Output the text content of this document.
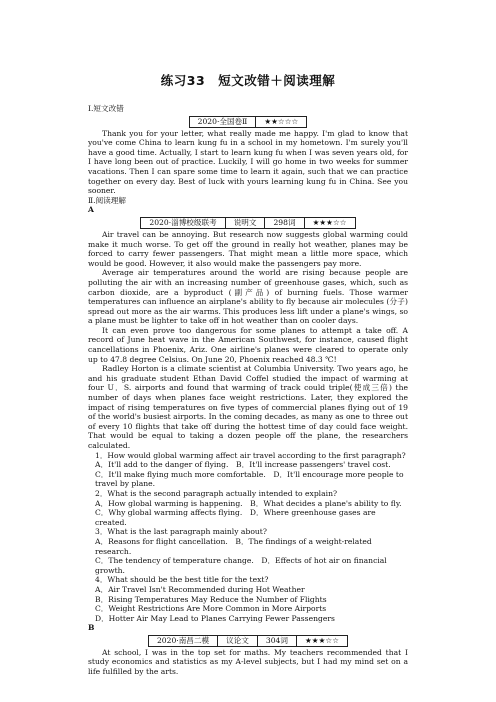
练习33　短文改错＋阅读理解
Ⅰ.短文改错
2020·全国卷Ⅱ	★★☆☆☆

Thank you for your letter, what really made me happy. I'm glad to know that you've come China to learn kung fu in a school in my hometown. I'm surely you'll have a good time. Actually, I start to learn kung fu when I was seven years old, for I have long been out of practice. Luckily, I will go home in two weeks for summer vacations. Then I can spare some time to learn it again, such that we can practice together on every day. Best of luck with yours learning kung fu in China. See you sooner.

Ⅱ.阅读理解
A
2020·淄博校级联考	说明文	298词	★★★☆☆

Air travel can be annoying. But research now suggests global warming could make it much worse. To get off the ground in really hot weather, planes may be forced to carry fewer passengers. That might mean a little more space, which would be good. However, it also would make the passengers pay more.

Average air temperatures around the world are rising because people are polluting the air with an increasing number of greenhouse gases, which, such as carbon dioxide, are a byproduct (副产品) of burning fuels. Those warmer temperatures can influence an airplane's ability to fly because air molecules (分子) spread out more as the air warms. This produces less lift under a plane's wings, so a plane must be lighter to take off in hot weather than on cooler days.

It can even prove too dangerous for some planes to attempt a take off. A record of June heat wave in the American Southwest, for instance, caused flight cancellations in Phoenix, Ariz. One airline's planes were cleared to operate only up to 47.8 degree Celsius. On June 20, Phoenix reached 48.3 ℃!

Radley Horton is a climate scientist at Columbia University. Two years ago, he and his graduate student Ethan David Coffel studied the impact of warming at four U．S. airports and found that warming of track could triple(使成三倍) the number of days when planes face weight restrictions. Later, they explored the impact of rising temperatures on five types of commercial planes flying out of 19 of the world's busiest airports. In the coming decades, as many as one to three out of every 10 flights that take off during the hottest time of day could face weight. That would be equal to taking a dozen people off the plane, the researchers calculated.

1．How would global warming affect air travel according to the first paragraph?
A．It'll add to the danger of flying.　B．It'll increase passengers' travel cost.
C．It'll make flying much more comfortable.　D．It'll encourage more people to travel by plane.
2．What is the second paragraph actually intended to explain?
A．How global warming is happening.　B．What decides a plane's ability to fly.
C．Why global warming affects flying.　D．Where greenhouse gases are created.
3．What is the last paragraph mainly about?
A．Reasons for flight cancellation.　B．The findings of a weight-related research.
C．The tendency of temperature change.　D．Effects of hot air on financial growth.
4．What should be the best title for the text?
A．Air Travel Isn't Recommended during Hot Weather
B．Rising Temperatures May Reduce the Number of Flights
C．Weight Restrictions Are More Common in More Airports
D．Hotter Air May Lead to Planes Carrying Fewer Passengers
B
2020·南昌二模	议论文	304词	★★★☆☆

At school, I was in the top set for maths. My teachers recommended that I study economics and statistics as my A-level subjects, but I had my mind set on a life fulfilled by the arts.
